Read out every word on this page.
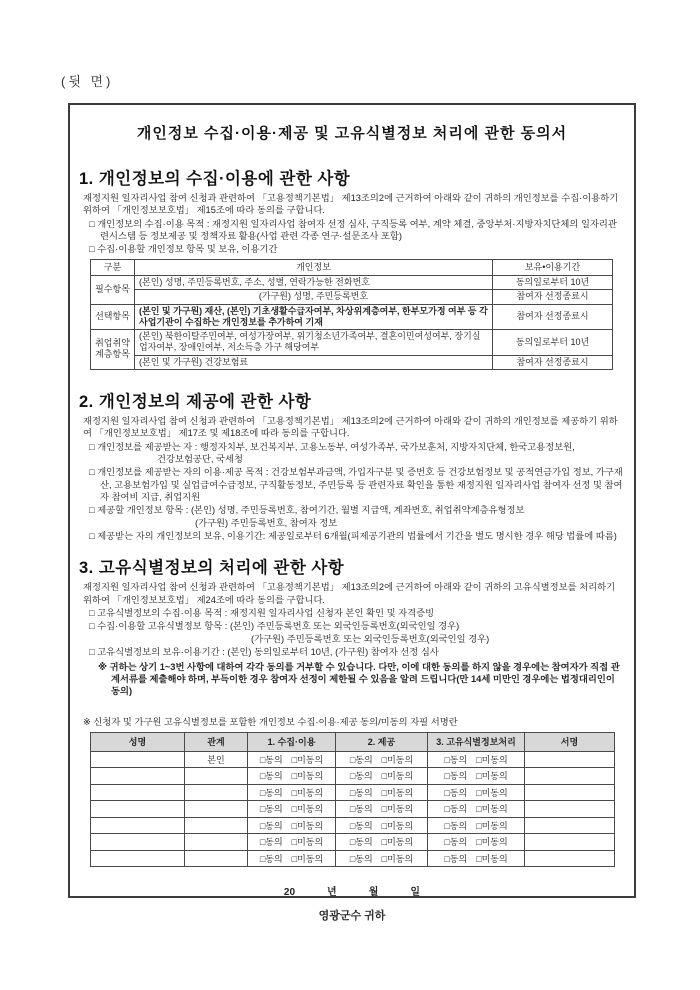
(뒷 면)
개인정보 수집·이용·제공 및 고유식별정보 처리에 관한 동의서
1. 개인정보의 수집·이용에 관한 사항
재정지원 일자리사업 참여 신청과 관련하여 「고용정책기본법」 제13조의2에 근거하여 아래와 같이 귀하의 개인정보를 수집·이용하기 위하여 「개인정보보호법」 제15조에 따라 동의를 구합니다.
□ 개인정보의 수집·이용 목적 : 재정지원 일자리사업 참여자 선정 심사, 구직등록 여부, 계약 체결, 중앙부처·지방자치단체의 일자리관련시스템 등 정보제공 및 정책자료 활용(사업 관련 각종 연구·설문조사 포함)
□ 수집·이용할 개인정보 항목 및 보유, 이용기간
구분	개인정보	보유•이용기간
필수항목	(본인) 성명, 주민등록번호, 주소, 성별, 연락가능한 전화번호	동의일로부터 10년
	(가구원) 성명, 주민등록번호	참여자 선정종료시
선택항목	(본인 및 가구원) 재산, (본인) 기초생활수급자여부, 차상위계층여부, 한부모가정 여부 등 각 사업기관이 수집하는 개인정보를 추가하여 기재	참여자 선정종료시
취업취약 계층항목	(본인) 북한이탈주민여부, 여성가장여부, 위기청소년가족여부, 결혼이민여성여부, 장기실업자여부, 장애인여부, 저소득층 가구 해당여부	동의일로부터 10년
	(본인 및 가구원) 건강보험료	참여자 선정종료시
2. 개인정보의 제공에 관한 사항
재정지원 일자리사업 참여 신청과 관련하여 「고용정책기본법」 제13조의2에 근거하여 아래와 같이 귀하의 개인정보를 제공하기 위하여 「개인정보보호법」 제17조 및 제18조에 따라 동의를 구합니다.
□ 개인정보를 제공받는 자 : 행정자치부, 보건복지부, 고용노동부, 여성가족부, 국가보훈처, 지방자치단체, 한국고용정보원,
건강보험공단, 국세청
□ 개인정보를 제공받는 자의 이용·제공 목적 : 건강보험부과금액, 가입자구분 및 증번호 등 건강보험정보 및 공적연금가입 정보, 가구재산, 고용보험가입 및 실업급여수급정보, 구직활동정보, 주민등록 등 관련자료 확인을 통한 재정지원 일자리사업 참여자 선정 및 참여자 참여비 지급, 취업지원
□ 제공할 개인정보 항목 : (본인) 성명, 주민등록번호, 참여기간, 월별 지급액, 계좌번호, 취업취약계층유형정보
(가구원) 주민등록번호, 참여자 정보
□ 제공받는 자의 개인정보의 보유, 이용기간: 제공일로부터 6개월(피제공기관의 법률에서 기간을 별도 명시한 경우 해당 법률에 따름)
3. 고유식별정보의 처리에 관한 사항
재정지원 일자리사업 참여 신청과 관련하여 「고용정책기본법」 제13조의2에 근거하여 아래와 같이 귀하의 고유식별정보를 처리하기 위하여 「개인정보보호법」 제24조에 따라 동의를 구합니다.
□ 고유식별정보의 수집·이용 목적 : 재정지원 일자리사업 신청자 본인 확인 및 자격증빙
□ 수집·이용할 고유식별정보 항목 : (본인) 주민등록번호 또는 외국인등록번호(외국인일 경우)
(가구원) 주민등록번호 또는 외국인등록번호(외국인일 경우)
□ 고유식별정보의 보유·이용기간 : (본인) 동의일로부터 10년, (가구원) 참여자 선정 심사
※ 귀하는 상기 1~3번 사항에 대하여 각각 동의를 거부할 수 있습니다. 다만, 이에 대한 동의를 하지 않을 경우에는 참여자가 직접 관계서류를 제출해야 하며, 부득이한 경우 참여자 선정이 제한될 수 있음을 알려 드립니다(만 14세 미만인 경우에는 법정대리인이 동의)
※ 신청자 및 가구원 고유식별정보를 포함한 개인정보 수집·이용·제공 동의/미동의 자필 서명란
성명	관계	1. 수집·이용	2. 제공	3. 고유식별정보처리	서명
	본인	□동의 □미동의	□동의 □미동의	□동의 □미동의	
		□동의 □미동의	□동의 □미동의	□동의 □미동의	
		□동의 □미동의	□동의 □미동의	□동의 □미동의	
		□동의 □미동의	□동의 □미동의	□동의 □미동의	
		□동의 □미동의	□동의 □미동의	□동의 □미동의	
		□동의 □미동의	□동의 □미동의	□동의 □미동의	
		□동의 □미동의	□동의 □미동의	□동의 □미동의	
20	년	월	일
영광군수 귀하
